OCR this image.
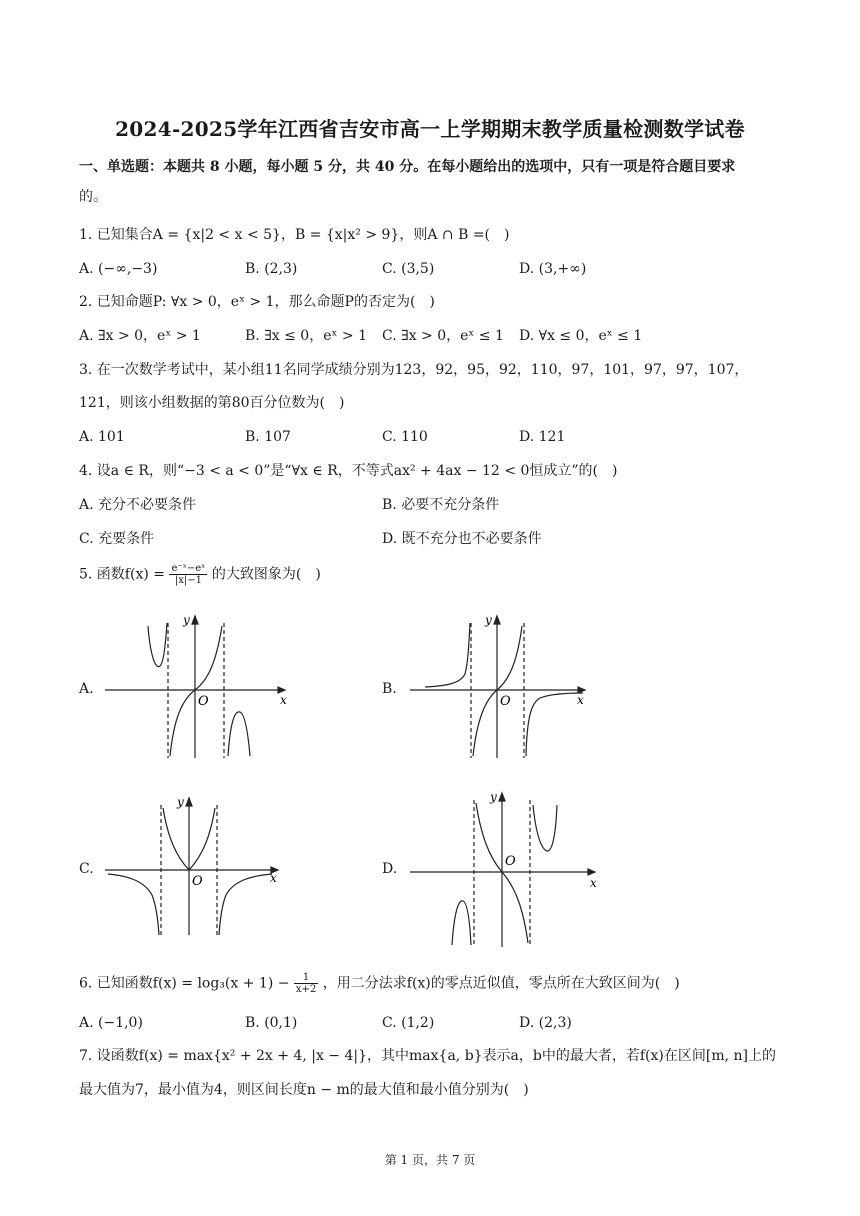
2024-2025学年江西省吉安市高一上学期期末教学质量检测数学试卷
一、单选题：本题共 8 小题，每小题 5 分，共 40 分。在每小题给出的选项中，只有一项是符合题目要求
的。
1. 已知集合A = {x|2 < x < 5}，B = {x|x² > 9}，则A ∩ B =(　)
A. (−∞,−3)	B. (2,3)	C. (3,5)	D. (3,+∞)
2. 已知命题P: ∀x > 0，eˣ > 1，那么命题P的否定为(　)
A. ∃x > 0，eˣ > 1	B. ∃x ≤ 0，eˣ > 1 C. ∃x > 0，eˣ ≤ 1 D. ∀x ≤ 0，eˣ ≤ 1
3. 在一次数学考试中，某小组11名同学成绩分别为123，92，95，92，110，97，101，97，97，107，
121，则该小组数据的第80百分位数为(　)
A. 101	B. 107	C. 110	D. 121
4. 设a ∈ R，则“−3 < a < 0”是“∀x ∈ R，不等式ax² + 4ax − 12 < 0恒成立”的(　)
A. 充分不必要条件	B. 必要不充分条件
C. 充要条件	D. 既不充分也不必要条件
5. 函数$f(x) = \frac{\text{e⁻ˣ−eˣ}}{|x|-1}$ 的大致图象为(　)
A.
O	x
y
B.
O	x
y
C.
O	x
y
D.	O
x
y
6. 已知函数$f(x) = \log_3(x + 1) - \frac{1}{x+2}$ ，用二分法求f(x)的零点近似值，零点所在大致区间为(　)
A. (−1,0)	B. (0,1)	C. (1,2)	D. (2,3)
7. 设函数f(x) = max{x² + 2x + 4, |x − 4|}，其中max{a, b}表示a，b中的最大者，若f(x)在区间[m, n]上的
最大值为7，最小值为4，则区间长度n − m的最大值和最小值分别为(　)
第 1 页，共 7 页
